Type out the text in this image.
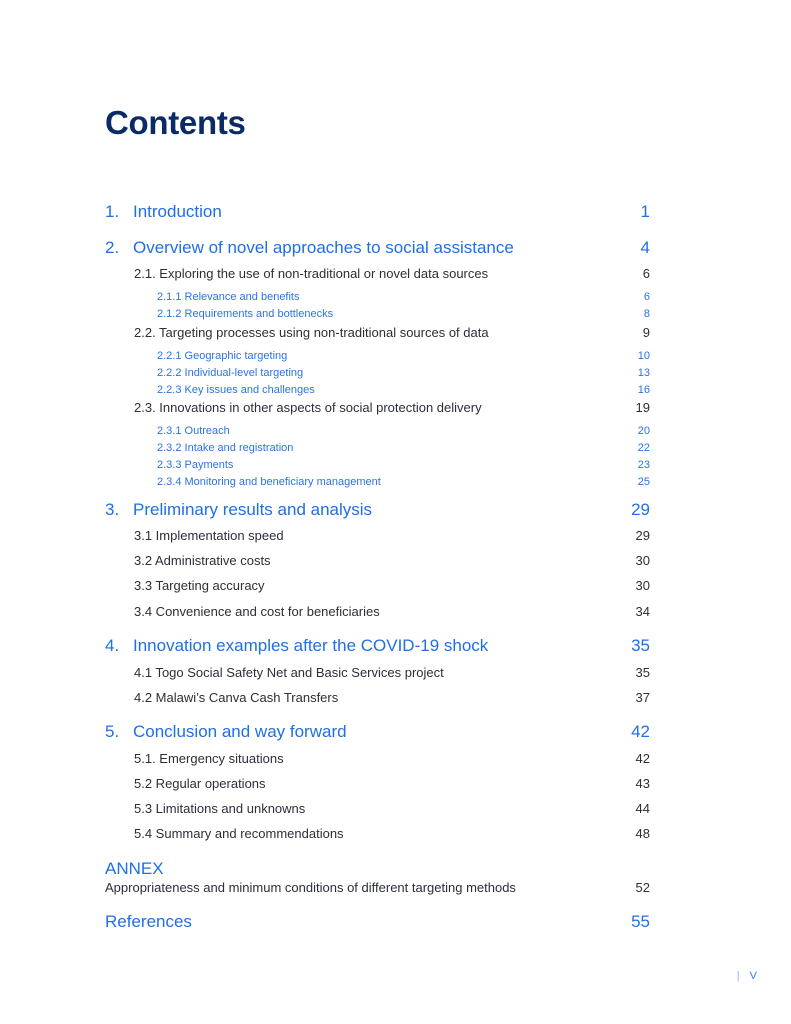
Contents
1. Introduction	1
2. Overview of novel approaches to social assistance	4
2.1. Exploring the use of non-traditional or novel data sources	6
2.1.1 Relevance and benefits	6
2.1.2 Requirements and bottlenecks	8
2.2. Targeting processes using non-traditional sources of data	9
2.2.1 Geographic targeting	10
2.2.2 Individual-level targeting	13
2.2.3 Key issues and challenges	16
2.3. Innovations in other aspects of social protection delivery	19
2.3.1 Outreach	20
2.3.2 Intake and registration	22
2.3.3 Payments	23
2.3.4 Monitoring and beneficiary management	25
3. Preliminary results and analysis	29
3.1 Implementation speed	29
3.2 Administrative costs	30
3.3 Targeting accuracy	30
3.4 Convenience and cost for beneficiaries	34
4. Innovation examples after the COVID-19 shock	35
4.1 Togo Social Safety Net and Basic Services project	35
4.2 Malawi’s Canva Cash Transfers	37
5. Conclusion and way forward	42
5.1. Emergency situations	42
5.2 Regular operations	43
5.3 Limitations and unknowns	44
5.4 Summary and recommendations	48
ANNEX
Appropriateness and minimum conditions of different targeting methods	52
References	55
| V
